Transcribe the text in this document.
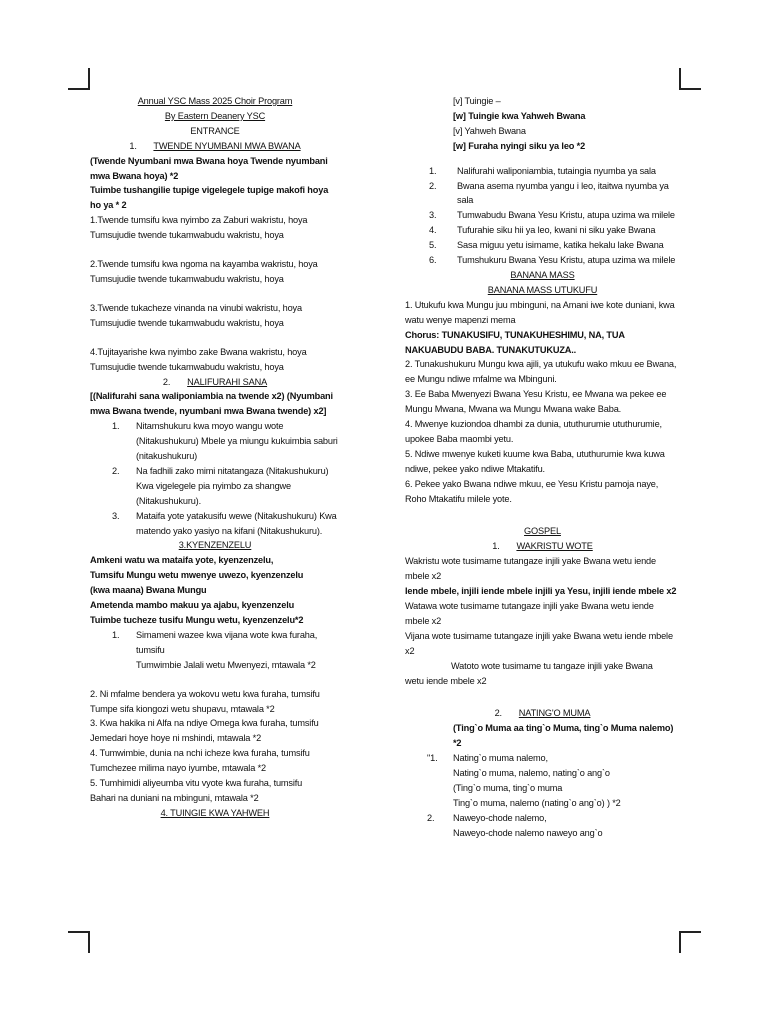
Annual YSC Mass 2025 Choir Program

By Eastern Deanery YSC

ENTRANCE

1. TWENDE NYUMBANI MWA BWANA

(Twende Nyumbani mwa Bwana hoya Twende nyumbani mwa Bwana hoya) *2

Tuimbe tushangilie tupige vigelegele tupige makofi hoya ho ya * 2

1.Twende tumsifu kwa nyimbo za Zaburi wakristu, hoya Tumsujudie twende tukamwabudu wakristu, hoya

2.Twende tumsifu kwa ngoma na kayamba wakristu, hoya Tumsujudie twende tukamwabudu wakristu, hoya

3.Twende tukacheze vinanda na vinubi wakristu, hoya Tumsujudie twende tukamwabudu wakristu, hoya

4.Tujitayarishe kwa nyimbo zake Bwana wakristu, hoya Tumsujudie twende tukamwabudu wakristu, hoya

2. NALIFURAHI SANA

[(Nalifurahi sana waliponiambia na twende x2) (Nyumbani mwa Bwana twende, nyumbani mwa Bwana twende) x2]

1.	Nitamshukuru kwa moyo wangu wote (Nitakushukuru) Mbele ya miungu kukuimbia saburi (nitakushukuru)
2.	Na fadhili zako mimi nitatangaza (Nitakushukuru) Kwa vigelegele pia nyimbo za shangwe (Nitakushukuru).
3.	Mataifa yote yatakusifu wewe (Nitakushukuru) Kwa matendo yako yasiyo na kifani (Nitakushukuru).

3.KYENZENZELU

Amkeni watu wa mataifa yote, kyenzenzelu,

Tumsifu Mungu wetu mwenye uwezo, kyenzenzelu

(kwa maana) Bwana Mungu

Ametenda mambo makuu ya ajabu, kyenzenzelu

Tuimbe tucheze tusifu Mungu wetu, kyenzenzelu*2

1.	Simameni wazee kwa vijana wote kwa furaha, tumsifu
Tumwimbie Jalali wetu Mwenyezi, mtawala *2

2. Ni mfalme bendera ya wokovu wetu kwa furaha, tumsifu

Tumpe sifa kiongozi wetu shupavu, mtawala *2

3. Kwa hakika ni Alfa na ndiye Omega kwa furaha, tumsifu

Jemedari hoye hoye ni mshindi, mtawala *2

4. Tumwimbie, dunia na nchi icheze kwa furaha, tumsifu

Tumchezee milima nayo iyumbe, mtawala *2

5. Tumhimidi aliyeumba vitu vyote kwa furaha, tumsifu

Bahari na duniani na mbinguni, mtawala *2

4. TUINGIE KWA YAHWEH

[v] Tuingie –

[w] Tuingie kwa Yahweh Bwana

[v] Yahweh Bwana

[w] Furaha nyingi siku ya leo *2

1.	Nalifurahi waliponiambia, tutaingia nyumba ya sala
2.	Bwana asema nyumba yangu i leo, itaitwa nyumba ya sala
3.	Tumwabudu Bwana Yesu Kristu, atupa uzima wa milele
4.	Tufurahie siku hii ya leo, kwani ni siku yake Bwana
5.	Sasa miguu yetu isimame, katika hekalu lake Bwana
6.	Tumshukuru Bwana Yesu Kristu, atupa uzima wa milele

BANANA MASS

BANANA MASS UTUKUFU

1. Utukufu kwa Mungu juu mbinguni, na Amani iwe kote duniani, kwa watu wenye mapenzi mema

Chorus: TUNAKUSIFU, TUNAKUHESHIMU, NA, TUA NAKUABUDU BABA. TUNAKUTUKUZA..

2. Tunakushukuru Mungu kwa ajili, ya utukufu wako mkuu ee Bwana, ee Mungu ndiwe mfalme wa Mbinguni.

3. Ee Baba Mwenyezi Bwana Yesu Kristu, ee Mwana wa pekee ee Mungu Mwana, Mwana wa Mungu Mwana wake Baba.

4. Mwenye kuziondoa dhambi za dunia, ututhurumie ututhurumie, upokee Baba maombi yetu.

5. Ndiwe mwenye kuketi kuume kwa Baba, ututhurumie kwa kuwa ndiwe, pekee yako ndiwe Mtakatifu.

6. Pekee yako Bwana ndiwe mkuu, ee Yesu Kristu pamoja naye, Roho Mtakatifu milele yote.

GOSPEL

1. WAKRISTU WOTE

Wakristu wote tusimame tutangaze injili yake Bwana wetu iende mbele x2

Iende mbele, injili iende mbele injili ya Yesu, injili iende mbele x2

Watawa wote tusimame tutangaze injili yake Bwana wetu iende mbele x2

Vijana wote tusimame tutangaze injili yake Bwana wetu iende mbele x2

Watoto wote tusimame tu tangaze injili yake Bwana

wetu iende mbele x2

2. NATING'O MUMA

(Ting`o Muma aa ting`o Muma, ting`o Muma nalemo) *2

"1.	Nating`o muma nalemo,
Nating`o muma, nalemo, nating`o ang`o
(Ting`o muma, ting`o muma
Ting`o muma, nalemo (nating`o ang`o) ) *2
2.	Naweyo-chode nalemo,
Naweyo-chode nalemo naweyo ang`o
